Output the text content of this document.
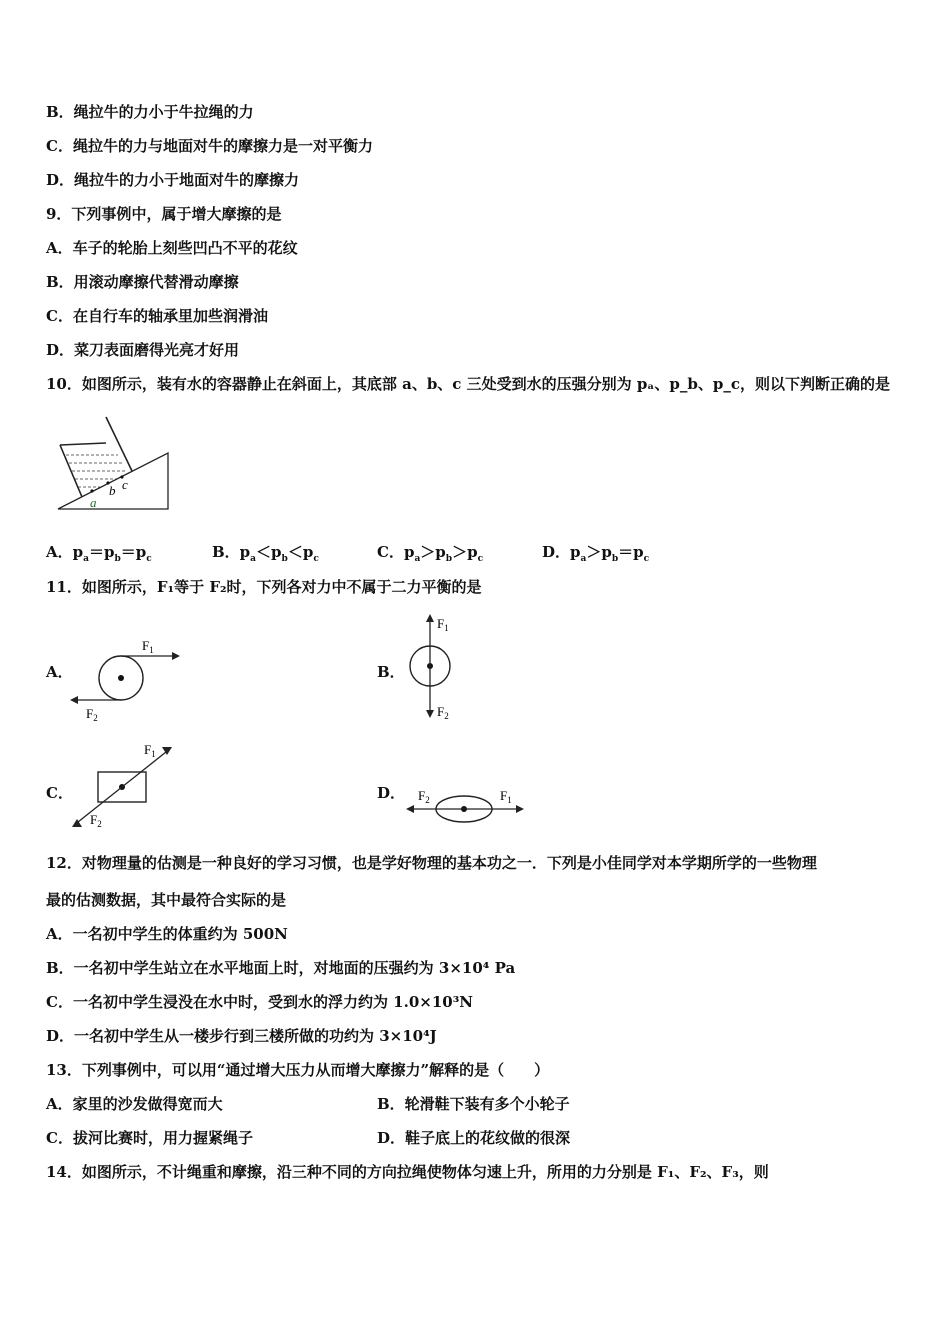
B．绳拉牛的力小于牛拉绳的力
C．绳拉牛的力与地面对牛的摩擦力是一对平衡力
D．绳拉牛的力小于地面对牛的摩擦力
9．下列事例中，属于增大摩擦的是
A．车子的轮胎上刻些凹凸不平的花纹
B．用滚动摩擦代替滑动摩擦
C．在自行车的轴承里加些润滑油
D．菜刀表面磨得光亮才好用
10．如图所示，装有水的容器静止在斜面上，其底部 a、b、c 三处受到水的压强分别为 pₐ、p_b、p_c，则以下判断正确的是
a
b c
A．$p_a=p_b=p_c$	B．$p_a<p_b<p_c$	C．$p_a>p_b>p_c$	D．$p_a>p_b=p_c$
11．如图所示，F₁等于 F₂时，下列各对力中不属于二力平衡的是
A．
$F_1$
$F_2$
B．
$F_1$
$F_2$
C．
$F_1$
$F_2$
D． $F_2$	$F_1$
12．对物理量的估测是一种良好的学习习惯，也是学好物理的基本功之一．下列是小佳同学对本学期所学的一些物理
最的估测数据，其中最符合实际的是
A．一名初中学生的体重约为 500N
B．一名初中学生站立在水平地面上时，对地面的压强约为 3×10⁴ Pa
C．一名初中学生浸没在水中时，受到水的浮力约为 1.0×10³N
D．一名初中学生从一楼步行到三楼所做的功约为 3×10⁴J
13．下列事例中，可以用“通过增大压力从而增大摩擦力”解释的是（　　）
A．家里的沙发做得宽而大	B．轮滑鞋下装有多个小轮子
C．拔河比赛时，用力握紧绳子	D．鞋子底上的花纹做的很深
14．如图所示，不计绳重和摩擦，沿三种不同的方向拉绳使物体匀速上升，所用的力分别是 F₁、F₂、F₃，则
